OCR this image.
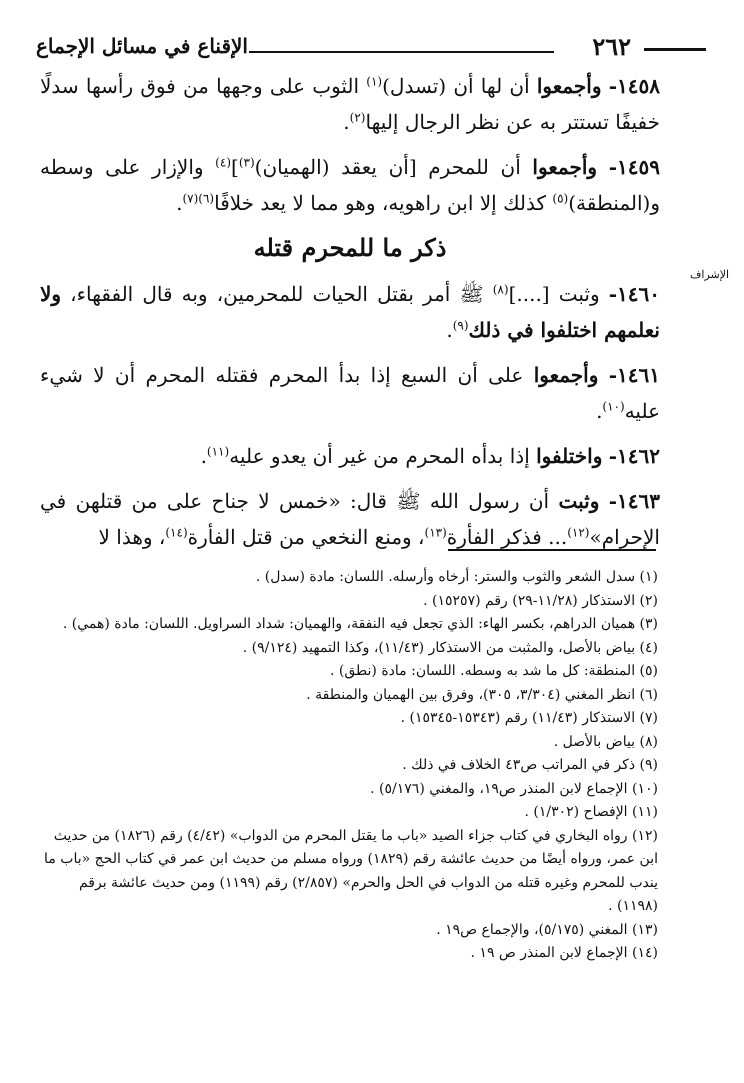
٢٦٢
الإقناع في مسائل الإجماع
الإشراف

١٤٥٨- وأجمعوا أن لها أن (تسدل)$^{(١)}$ الثوب على وجهها من فوق رأسها سدلًا خفيفًا تستتر به عن نظر الرجال إليها$^{(٢)}$.

١٤٥٩- وأجمعوا أن للمحرم [أن يعقد (الهميان)$^{(٣)}$]$^{(٤)}$ والإزار على وسطه و(المنطقة)$^{(٥)}$ كذلك إلا ابن راهويه، وهو مما لا يعد خلافًا$^{(٦)(٧)}$.

ذكر ما للمحرم قتله

١٤٦٠- وثبت [....]$^{(٨)}$ ﷺ أمر بقتل الحيات للمحرمين، وبه قال الفقهاء، ولا نعلمهم اختلفوا في ذلك$^{(٩)}$.

١٤٦١- وأجمعوا على أن السبع إذا بدأ المحرم فقتله المحرم أن لا شيء عليه$^{(١٠)}$.

١٤٦٢- واختلفوا إذا بدأه المحرم من غير أن يعدو عليه$^{(١١)}$.

١٤٦٣- وثبت أن رسول الله ﷺ قال: «خمس لا جناح على من قتلهن في الإحرام»$^{(١٢)}$... فذكر الفأرة$^{(١٣)}$، ومنع النخعي من قتل الفأرة$^{(١٤)}$، وهذا لا

(١) سدل الشعر والثوب والستر: أرخاه وأرسله. اللسان: مادة (سدل) .

(٢) الاستذكار (١١/٢٨-٢٩) رقم (١٥٢٥٧) .

(٣) هميان الدراهم، بكسر الهاء: الذي تجعل فيه النفقة، والهميان: شداد السراويل. اللسان: مادة (همي) .

(٤) بياض بالأصل، والمثبت من الاستذكار (١١/٤٣)، وكذا التمهيد (٩/١٢٤) .

(٥) المنطقة: كل ما شد به وسطه. اللسان: مادة (نطق) .

(٦) انظر المغني (٣/٣٠٤، ٣٠٥)، وفرق بين الهميان والمنطقة .

(٧) الاستذكار (١١/٤٣) رقم (١٥٣٤٣-١٥٣٤٥) .

(٨) بياض بالأصل .

(٩) ذكر في المراتب ص٤٣ الخلاف في ذلك .

(١٠) الإجماع لابن المنذر ص١٩، والمغني (٥/١٧٦) .

(١١) الإفصاح (١/٣٠٢) .

(١٢) رواه البخاري في كتاب جزاء الصيد «باب ما يقتل المحرم من الدواب» (٤/٤٢) رقم (١٨٢٦) من حديث ابن عمر، ورواه أيضًا من حديث عائشة رقم (١٨٢٩) ورواه مسلم من حديث ابن عمر في كتاب الحج «باب ما يندب للمحرم وغيره قتله من الدواب في الحل والحرم» (٢/٨٥٧) رقم (١١٩٩) ومن حديث عائشة برقم (١١٩٨) .

(١٣) المغني (٥/١٧٥)، والإجماع ص١٩ .

(١٤) الإجماع لابن المنذر ص ١٩ .
